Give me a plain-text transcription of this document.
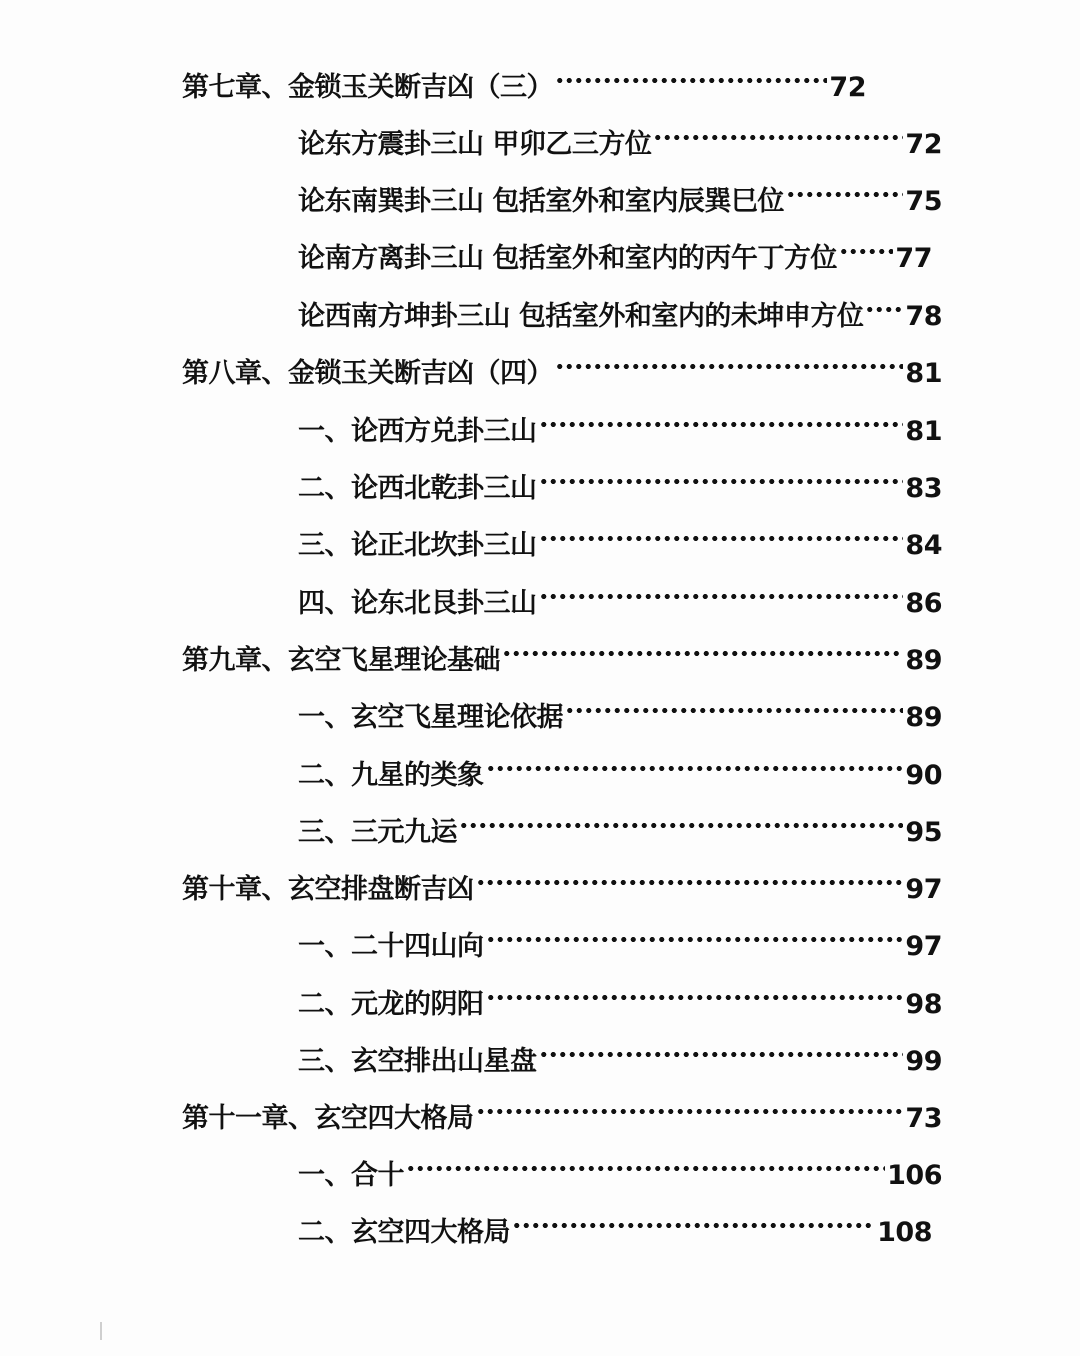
第七章、金锁玉关断吉凶（三）	72
论东方震卦三山 甲卯乙三方位	72
论东南巽卦三山 包括室外和室内辰巽巳位	75
论南方离卦三山 包括室外和室内的丙午丁方位 77
论西南方坤卦三山 包括室外和室内的未坤申方位 78
第八章、金锁玉关断吉凶（四）	81
一、论西方兑卦三山	81
二、论西北乾卦三山	83
三、论正北坎卦三山	84
四、论东北艮卦三山	86
第九章、玄空飞星理论基础	89
一、玄空飞星理论依据	89
二、九星的类象	90
三、三元九运	95
第十章、玄空排盘断吉凶	97
一、二十四山向	97
二、元龙的阴阳	98
三、玄空排出山星盘	99
第十一章、玄空四大格局	73
一、合十	106
二、玄空四大格局	108
